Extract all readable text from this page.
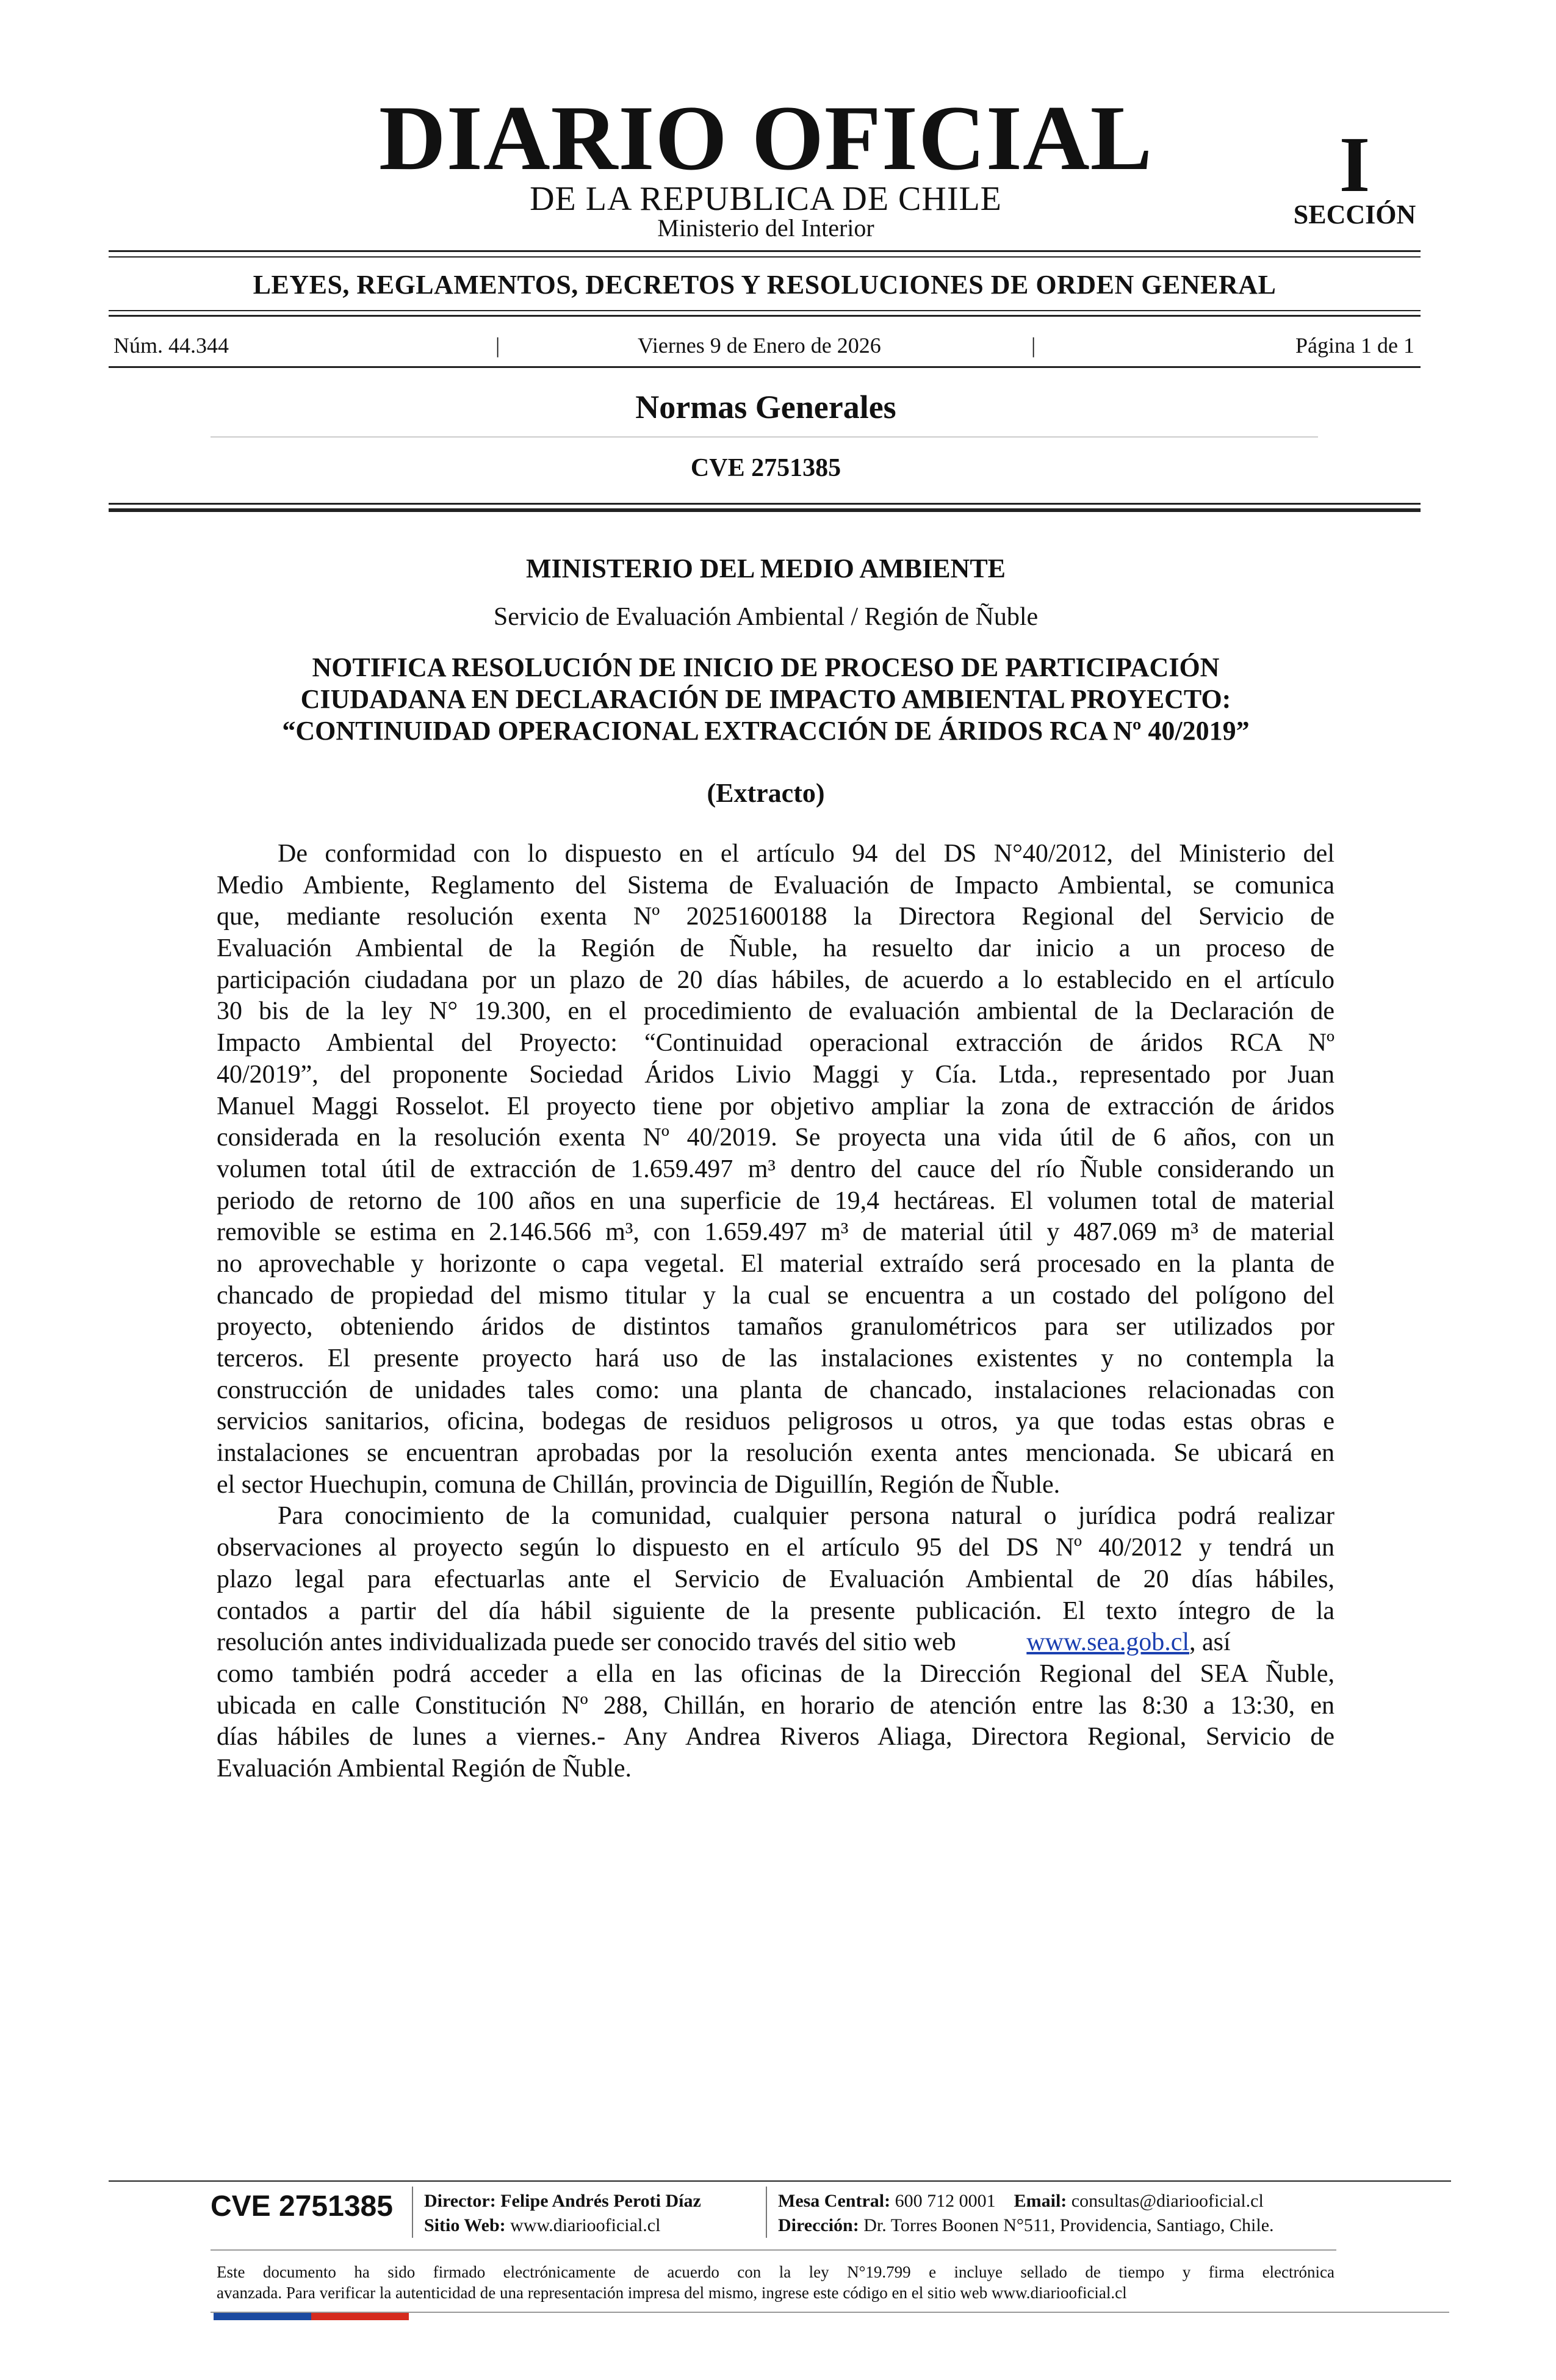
DIARIO OFICIAL
DE LA REPUBLICA DE CHILE
Ministerio del Interior
I
SECCIÓN
LEYES, REGLAMENTOS, DECRETOS Y RESOLUCIONES DE ORDEN GENERAL
Núm. 44.344	|	Viernes 9 de Enero de 2026	|	Página 1 de 1
Normas Generales
CVE 2751385
MINISTERIO DEL MEDIO AMBIENTE
Servicio de Evaluación Ambiental / Región de Ñuble
NOTIFICA RESOLUCIÓN DE INICIO DE PROCESO DE PARTICIPACIÓN
CIUDADANA EN DECLARACIÓN DE IMPACTO AMBIENTAL PROYECTO:
“CONTINUIDAD OPERACIONAL EXTRACCIÓN DE ÁRIDOS RCA Nº 40/2019”
(Extracto)
De conformidad con lo dispuesto en el artículo 94 del DS N°40/2012, del Ministerio del
Medio Ambiente, Reglamento del Sistema de Evaluación de Impacto Ambiental, se comunica
que, mediante resolución exenta Nº 20251600188 la Directora Regional del Servicio de
Evaluación Ambiental de la Región de Ñuble, ha resuelto dar inicio a un proceso de
participación ciudadana por un plazo de 20 días hábiles, de acuerdo a lo establecido en el artículo
30 bis de la ley N° 19.300, en el procedimiento de evaluación ambiental de la Declaración de
Impacto Ambiental del Proyecto: “Continuidad operacional extracción de áridos RCA Nº
40/2019”, del proponente Sociedad Áridos Livio Maggi y Cía. Ltda., representado por Juan
Manuel Maggi Rosselot. El proyecto tiene por objetivo ampliar la zona de extracción de áridos
considerada en la resolución exenta Nº 40/2019. Se proyecta una vida útil de 6 años, con un
volumen total útil de extracción de 1.659.497 m³ dentro del cauce del río Ñuble considerando un
periodo de retorno de 100 años en una superficie de 19,4 hectáreas. El volumen total de material
removible se estima en 2.146.566 m³, con 1.659.497 m³ de material útil y 487.069 m³ de material
no aprovechable y horizonte o capa vegetal. El material extraído será procesado en la planta de
chancado de propiedad del mismo titular y la cual se encuentra a un costado del polígono del
proyecto, obteniendo áridos de distintos tamaños granulométricos para ser utilizados por
terceros. El presente proyecto hará uso de las instalaciones existentes y no contempla la
construcción de unidades tales como: una planta de chancado, instalaciones relacionadas con
servicios sanitarios, oficina, bodegas de residuos peligrosos u otros, ya que todas estas obras e
instalaciones se encuentran aprobadas por la resolución exenta antes mencionada. Se ubicará en
el sector Huechupin, comuna de Chillán, provincia de Diguillín, Región de Ñuble.
Para conocimiento de la comunidad, cualquier persona natural o jurídica podrá realizar
observaciones al proyecto según lo dispuesto en el artículo 95 del DS Nº 40/2012 y tendrá un
plazo legal para efectuarlas ante el Servicio de Evaluación Ambiental de 20 días hábiles,
contados a partir del día hábil siguiente de la presente publicación. El texto íntegro de la
resolución antes individualizada puede ser conocido través del sitio web	www.sea.gob.cl, así
como también podrá acceder a ella en las oficinas de la Dirección Regional del SEA Ñuble,
ubicada en calle Constitución Nº 288, Chillán, en horario de atención entre las 8:30 a 13:30, en
días hábiles de lunes a viernes.- Any Andrea Riveros Aliaga, Directora Regional, Servicio de
Evaluación Ambiental Región de Ñuble.
CVE 2751385 Director: Felipe Andrés Peroti Díaz
Sitio Web: www.diariooficial.cl
Mesa Central: 600 712 0001 Email: consultas@diariooficial.cl
Dirección: Dr. Torres Boonen N°511, Providencia, Santiago, Chile.
Este documento ha sido firmado electrónicamente de acuerdo con la ley N°19.799 e incluye sellado de tiempo y firma electrónica
avanzada. Para verificar la autenticidad de una representación impresa del mismo, ingrese este código en el sitio web www.diariooficial.cl
